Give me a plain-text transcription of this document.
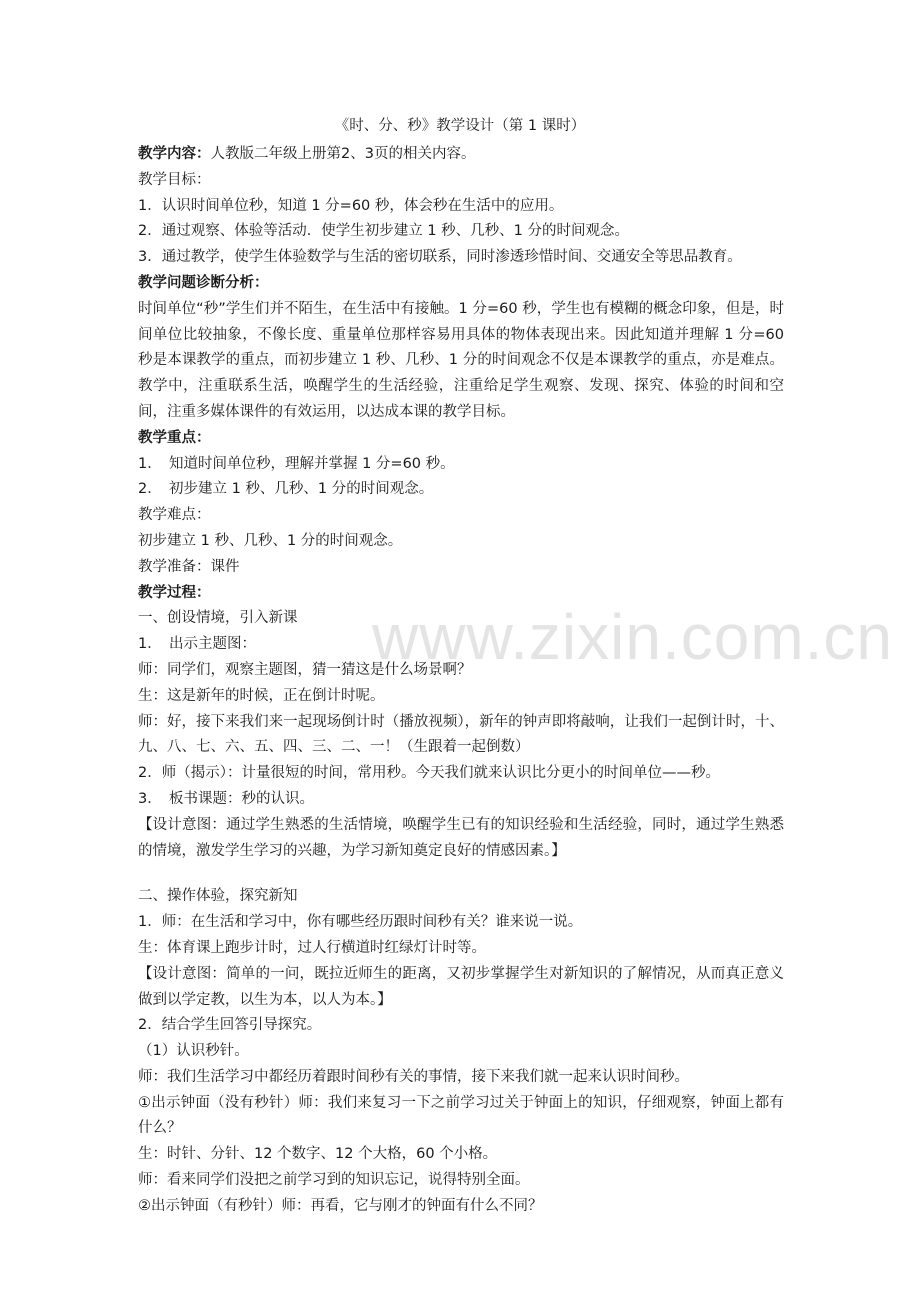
www.zixin.com.cn
《时、分、秒》教学设计（第 1 课时）

教学内容：人教版二年级上册第2、3页的相关内容。

教学目标：

1．认识时间单位秒，知道 1 分=60 秒，体会秒在生活中的应用。

2．通过观察、体验等活动．使学生初步建立 1 秒、几秒、1 分的时间观念。

3．通过教学，使学生体验数学与生活的密切联系，同时渗透珍惜时间、交通安全等思品教育。

教学问题诊断分析：

时间单位“秒”学生们并不陌生，在生活中有接触。1 分=60 秒，学生也有模糊的概念印象，但是，时间单位比较抽象，不像长度、重量单位那样容易用具体的物体表现出来。因此知道并理解 1 分=60 秒是本课教学的重点，而初步建立 1 秒、几秒、1 分的时间观念不仅是本课教学的重点，亦是难点。教学中，注重联系生活，唤醒学生的生活经验，注重给足学生观察、发现、探究、体验的时间和空间，注重多媒体课件的有效运用，以达成本课的教学目标。

教学重点：

1．　知道时间单位秒，理解并掌握 1 分=60 秒。

2．　初步建立 1 秒、几秒、1 分的时间观念。

教学难点：

初步建立 1 秒、几秒、1 分的时间观念。

教学准备：课件

教学过程：

一、创设情境，引入新课

1．　出示主题图：

师：同学们，观察主题图，猜一猜这是什么场景啊？

生：这是新年的时候，正在倒计时呢。

师：好，接下来我们来一起现场倒计时（播放视频），新年的钟声即将敲响，让我们一起倒计时，十、九、八、七、六、五、四、三、二、一！（生跟着一起倒数）

2．师（揭示）：计量很短的时间，常用秒。今天我们就来认识比分更小的时间单位——秒。

3．　板书课题：秒的认识。

【设计意图：通过学生熟悉的生活情境，唤醒学生已有的知识经验和生活经验，同时，通过学生熟悉的情境，激发学生学习的兴趣，为学习新知奠定良好的情感因素。】

二、操作体验，探究新知

1．师：在生活和学习中，你有哪些经历跟时间秒有关？谁来说一说。

生：体育课上跑步计时，过人行横道时红绿灯计时等。

【设计意图：简单的一问，既拉近师生的距离，又初步掌握学生对新知识的了解情况，从而真正意义做到以学定教，以生为本，以人为本。】

2．结合学生回答引导探究。

（1）认识秒针。

师：我们生活学习中都经历着跟时间秒有关的事情，接下来我们就一起来认识时间秒。

①出示钟面（没有秒针）师：我们来复习一下之前学习过关于钟面上的知识，仔细观察，钟面上都有什么？

生：时针、分针、12 个数字、12 个大格，60 个小格。

师：看来同学们没把之前学习到的知识忘记，说得特别全面。

②出示钟面（有秒针）师：再看，它与刚才的钟面有什么不同？
